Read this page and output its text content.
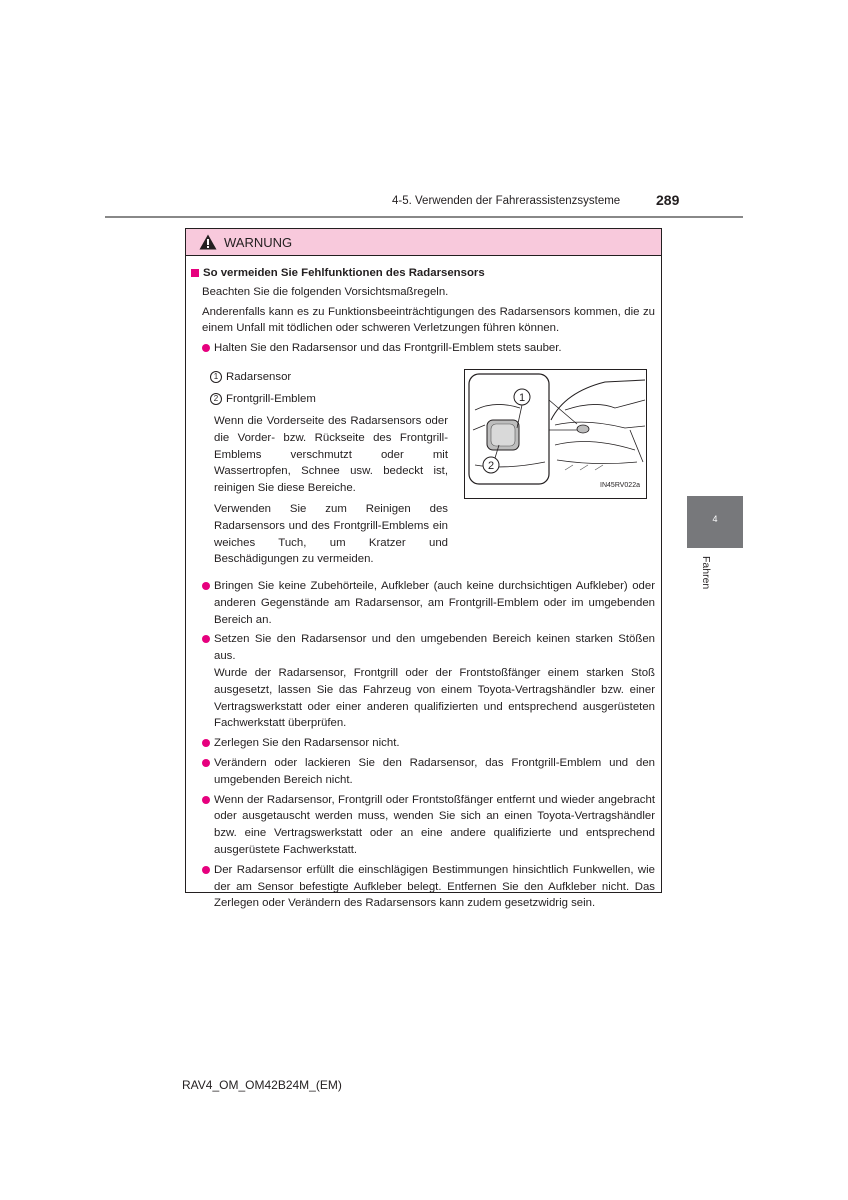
4-5. Verwenden der Fahrerassistenzsysteme	289
4
Fahren
WARNUNG
So vermeiden Sie Fehlfunktionen des Radarsensors
Beachten Sie die folgenden Vorsichtsmaßregeln.
Anderenfalls kann es zu Funktionsbeeinträchtigungen des Radarsensors kommen, die zu einem Unfall mit tödlichen oder schweren Verletzungen führen können.
Halten Sie den Radarsensor und das Frontgrill-Emblem stets sauber.
1 Radarsensor
2 Frontgrill-Emblem
Wenn die Vorderseite des Radarsensors oder die Vorder- bzw. Rückseite des Frontgrill-Emblems verschmutzt oder mit Wassertropfen, Schnee usw. bedeckt ist, reinigen Sie diese Bereiche.
Verwenden Sie zum Reinigen des Radarsensors und des Frontgrill-Emblems ein weiches Tuch, um Kratzer und Beschädigungen zu vermeiden.
1
2
IN45RV022a
Bringen Sie keine Zubehörteile, Aufkleber (auch keine durchsichtigen Aufkleber) oder anderen Gegenstände am Radarsensor, am Frontgrill-Emblem oder im umgebenden Bereich an.
Setzen Sie den Radarsensor und den umgebenden Bereich keinen starken Stößen aus.
Wurde der Radarsensor, Frontgrill oder der Frontstoßfänger einem starken Stoß ausgesetzt, lassen Sie das Fahrzeug von einem Toyota-Vertragshändler bzw. einer Vertragswerkstatt oder einer anderen qualifizierten und entsprechend ausgerüsteten Fachwerkstatt überprüfen.
Zerlegen Sie den Radarsensor nicht.
Verändern oder lackieren Sie den Radarsensor, das Frontgrill-Emblem und den umgebenden Bereich nicht.
Wenn der Radarsensor, Frontgrill oder Frontstoßfänger entfernt und wieder angebracht oder ausgetauscht werden muss, wenden Sie sich an einen Toyota-Vertragshändler bzw. eine Vertragswerkstatt oder an eine andere qualifizierte und entsprechend ausgerüstete Fachwerkstatt.
Der Radarsensor erfüllt die einschlägigen Bestimmungen hinsichtlich Funkwellen, wie der am Sensor befestigte Aufkleber belegt. Entfernen Sie den Aufkleber nicht. Das Zerlegen oder Verändern des Radarsensors kann zudem gesetzwidrig sein.
RAV4_OM_OM42B24M_(EM)
